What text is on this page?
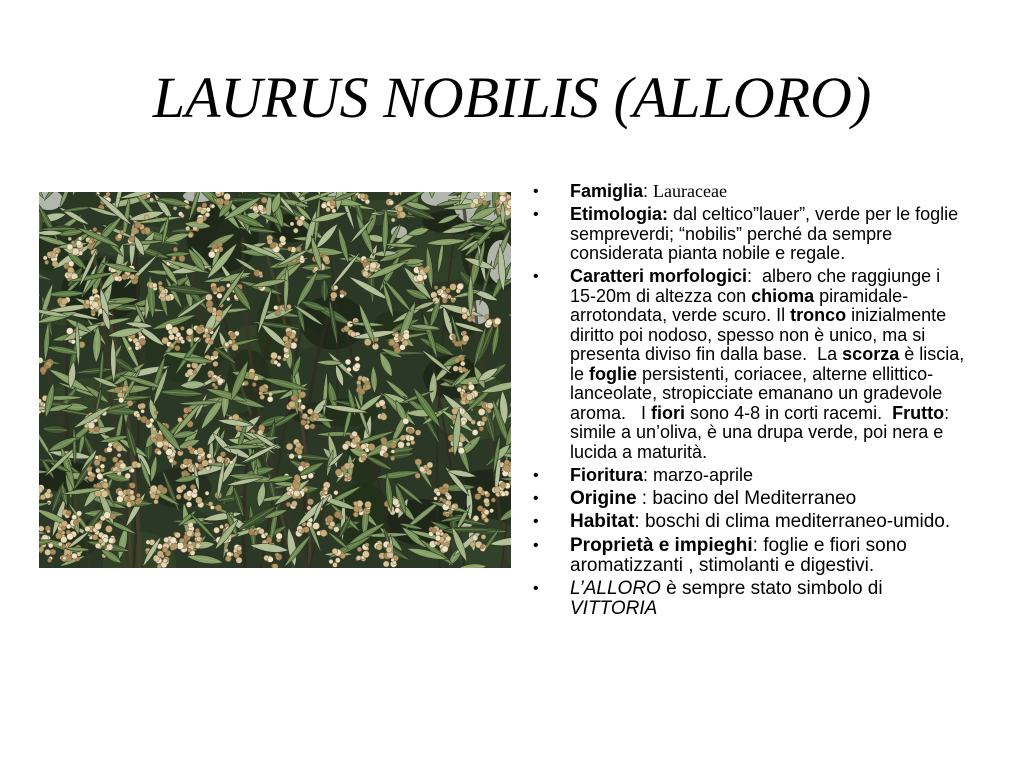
LAURUS NOBILIS (ALLORO)
• Famiglia: Lauraceae
• Etimologia: dal celtico”lauer”, verde per le foglie sempreverdi; “nobilis” perché da sempre considerata pianta nobile e regale.
• Caratteri morfologici:  albero che raggiunge i 15-20m di altezza con chioma piramidale-arrotondata, verde scuro. Il tronco inizialmente diritto poi nodoso, spesso non è unico, ma si presenta diviso fin dalla base.  La scorza è liscia, le foglie persistenti, coriacee, alterne ellittico-lanceolate, stropicciate emanano un gradevole aroma.   I fiori sono 4-8 in corti racemi.  Frutto: simile a un’oliva, è una drupa verde, poi nera e lucida a maturità.
• Fioritura: marzo-aprile
• Origine : bacino del Mediterraneo
• Habitat: boschi di clima mediterraneo-umido.
• Proprietà e impieghi: foglie e fiori sono aromatizzanti , stimolanti e digestivi.
• L’ALLORO è sempre stato simbolo di VITTORIA
